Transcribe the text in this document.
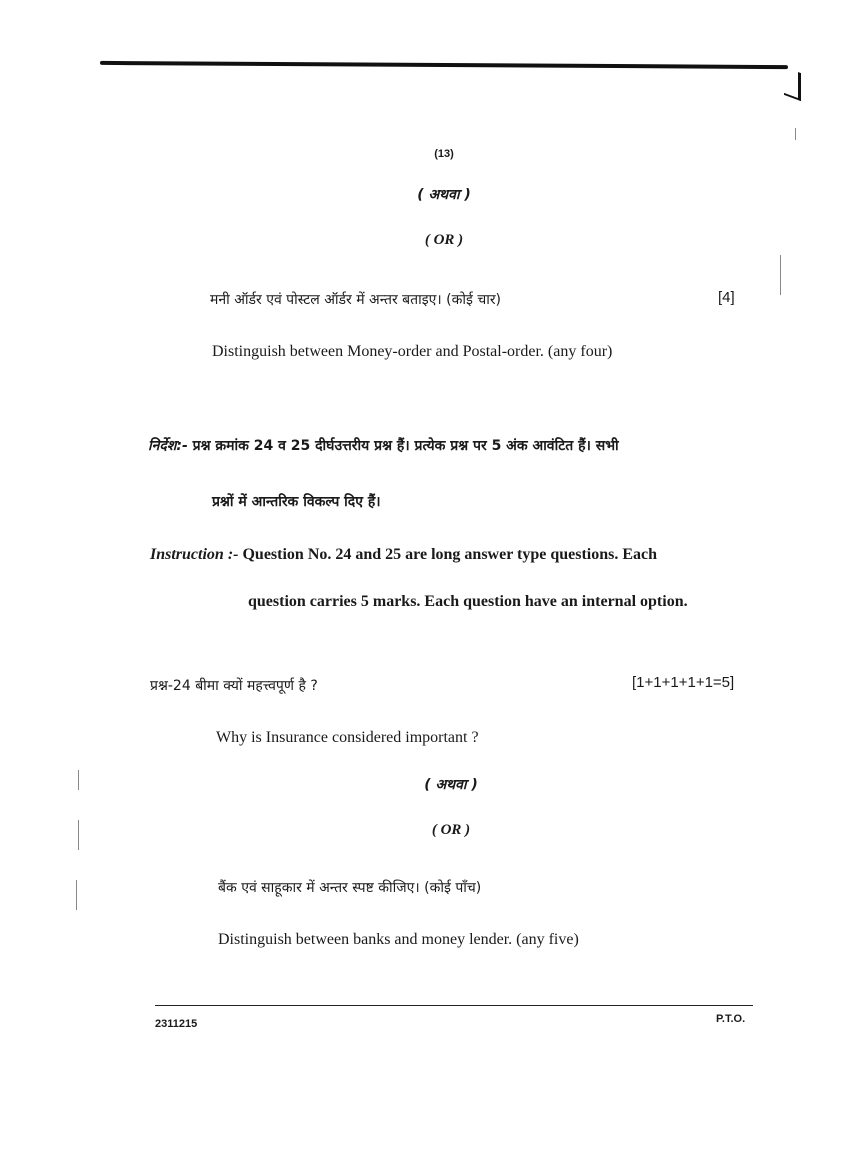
(13)
( अथवा )
( OR )
मनी ऑर्डर एवं पोस्टल ऑर्डर में अन्तर बताइए। (कोई चार)	[4]
Distinguish between Money-order and Postal-order. (any four)
निर्देश:- प्रश्न क्रमांक 24 व 25 दीर्घउत्तरीय प्रश्न हैं। प्रत्येक प्रश्न पर 5 अंक आवंटित हैं। सभी
प्रश्नों में आन्तरिक विकल्प दिए हैं।
Instruction :- Question No. 24 and 25 are long answer type questions. Each
question carries 5 marks. Each question have an internal option.
प्रश्न-24 बीमा क्यों महत्त्वपूर्ण है ?	[1+1+1+1+1=5]
Why is Insurance considered important ?
( अथवा )
( OR )
बैंक एवं साहूकार में अन्तर स्पष्ट कीजिए। (कोई पाँच)
Distinguish between banks and money lender. (any five)
2311215	P.T.O.
